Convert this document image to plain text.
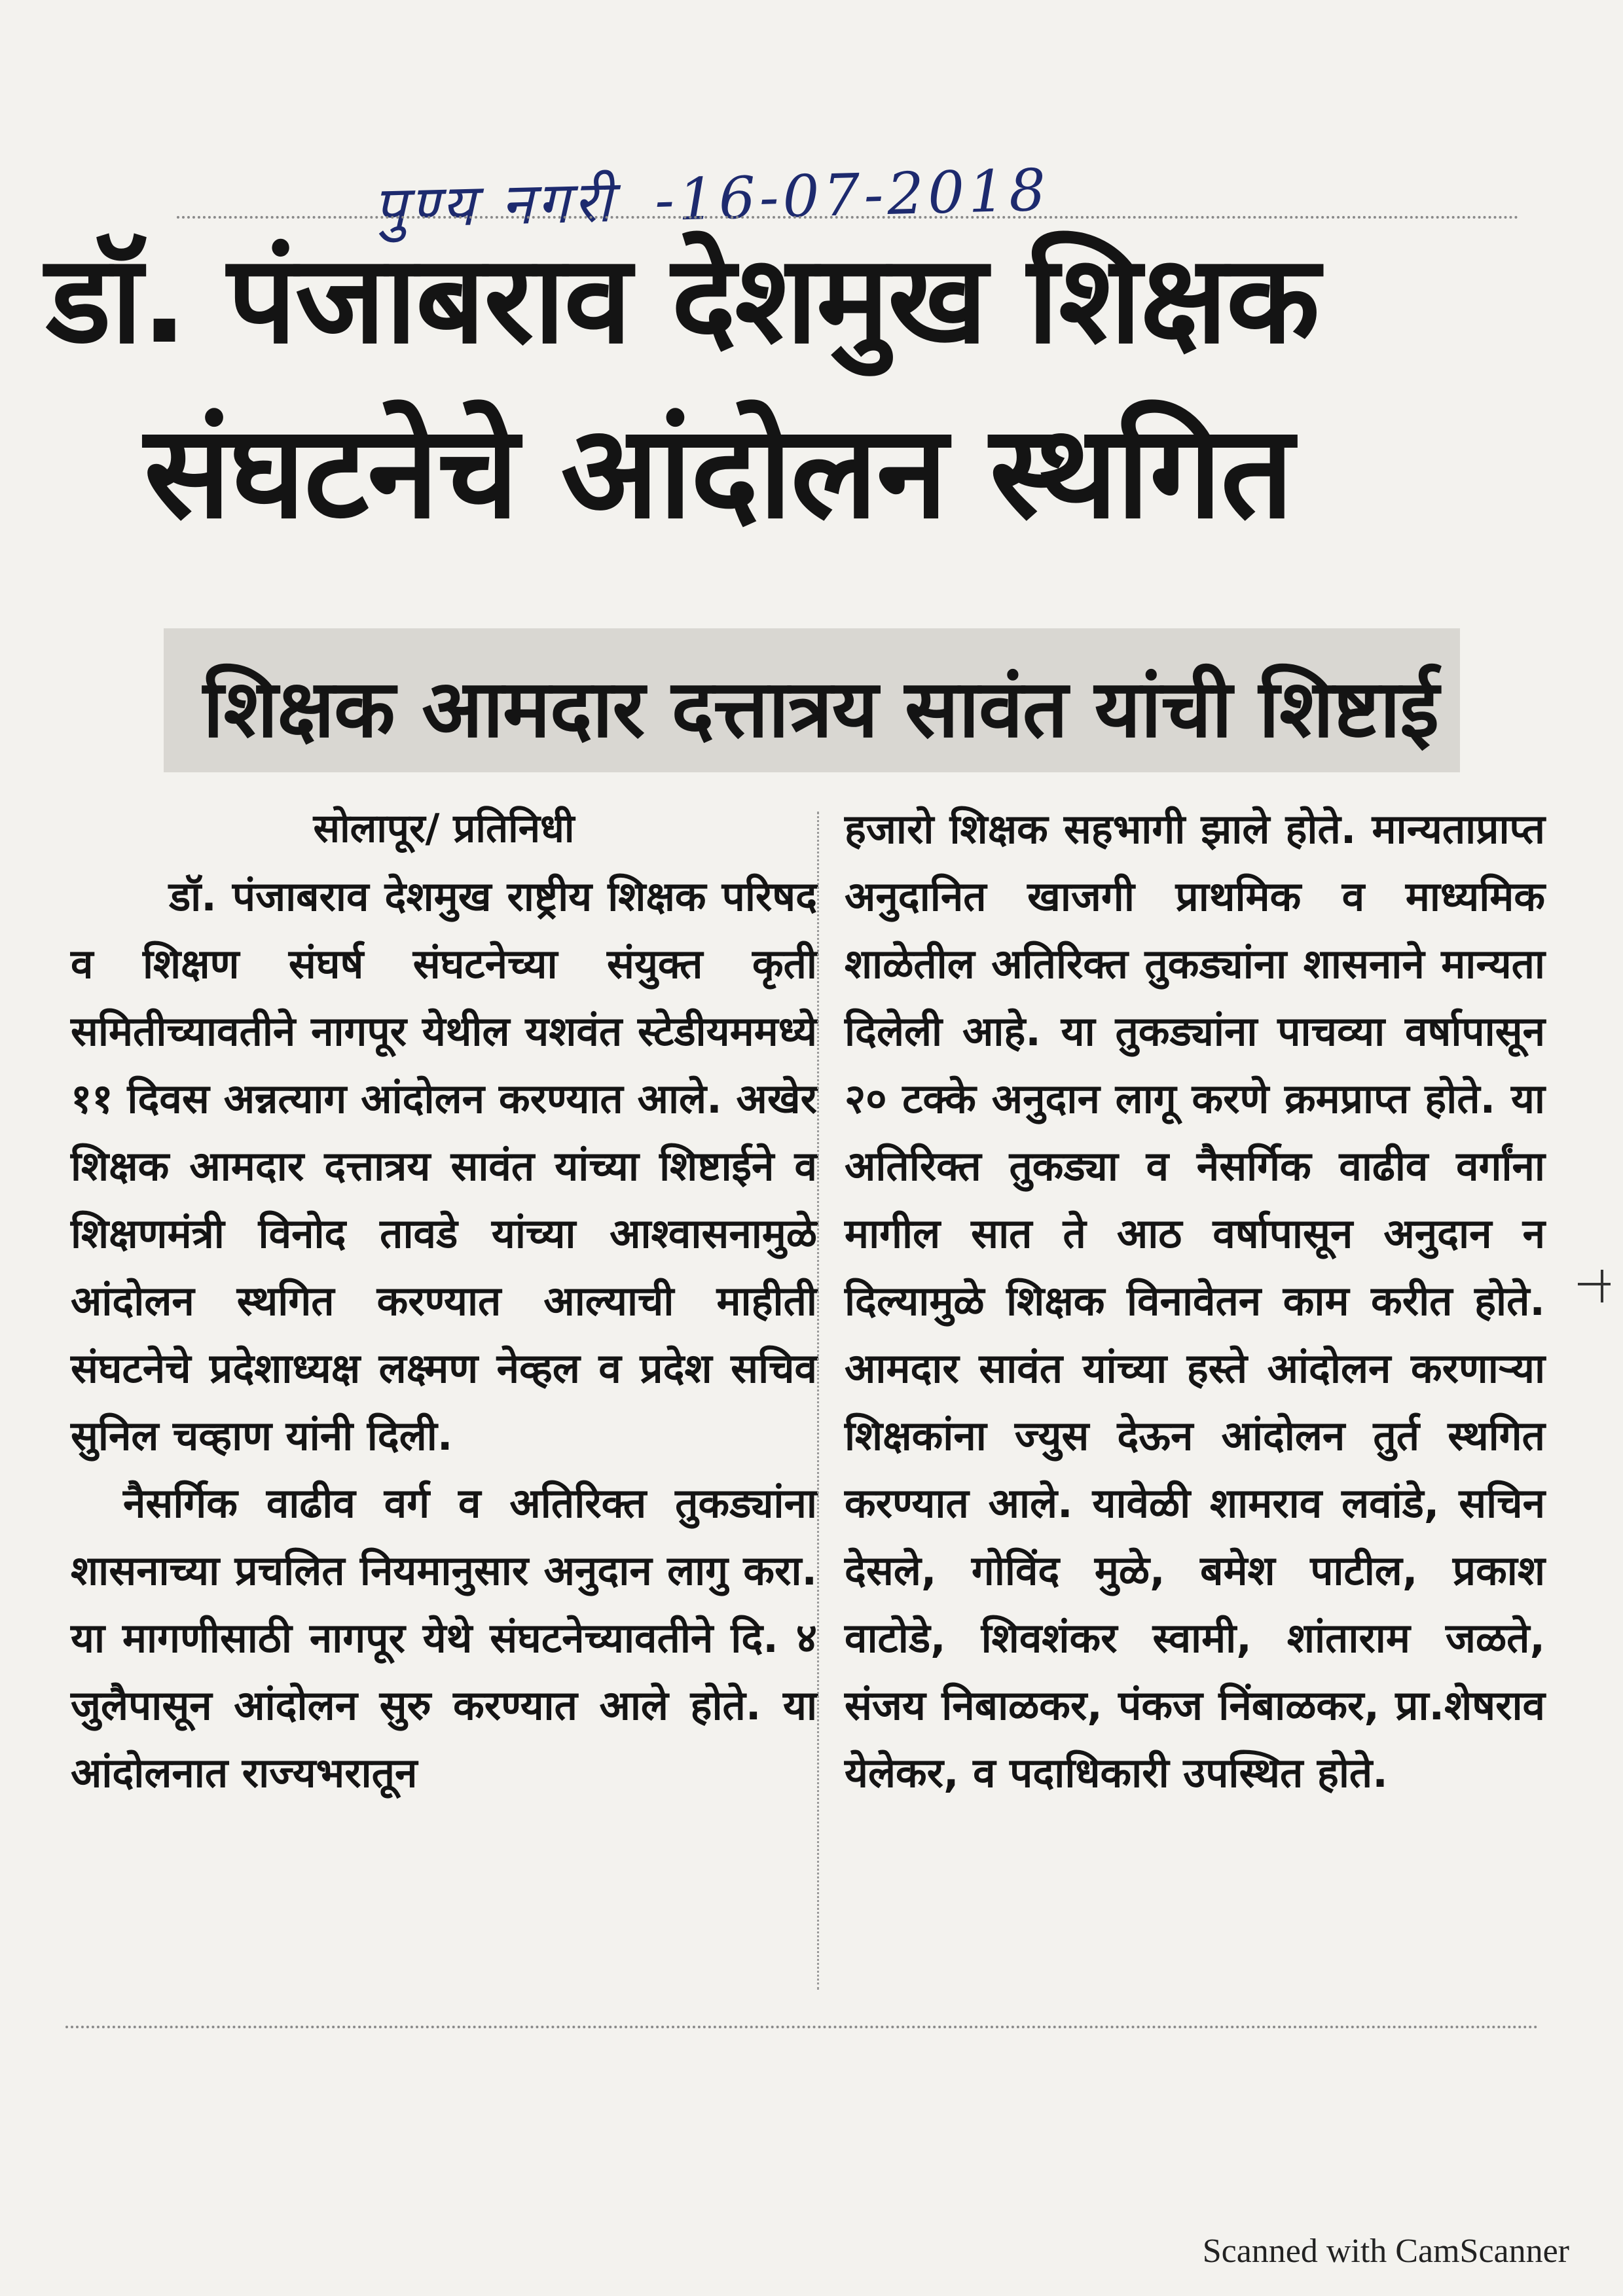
पुण्य नगरी -16-07-2018
डॉ. पंजाबराव देशमुख शिक्षक
संघटनेचे आंदोलन स्थगित
शिक्षक आमदार दत्तात्रय सावंत यांची शिष्टाई
सोलापूर/ प्रतिनिधी

डॉ. पंजाबराव देशमुख राष्ट्रीय शिक्षक परिषद व शिक्षण संघर्ष संघटनेच्या संयुक्त कृती समितीच्यावतीने नागपूर येथील यशवंत स्टेडीयममध्ये ११ दिवस अन्नत्याग आंदोलन करण्यात आले. अखेर शिक्षक आमदार दत्तात्रय सावंत यांच्या शिष्टाईने व शिक्षणमंत्री विनोद तावडे यांच्या आश्वासनामुळे आंदोलन स्थगित करण्यात आल्याची माहीती संघटनेचे प्रदेशाध्यक्ष लक्ष्मण नेव्हल व प्रदेश सचिव सुनिल चव्हाण यांनी दिली.

नैसर्गिक वाढीव वर्ग व अतिरिक्त तुकड्यांना शासनाच्या प्रचलित नियमानुसार अनुदान लागु करा. या मागणीसाठी नागपूर येथे संघटनेच्यावतीने दि. ४ जुलैपासून आंदोलन सुरु करण्यात आले होते. या आंदोलनात राज्यभरातून

हजारो शिक्षक सहभागी झाले होते. मान्यताप्राप्त अनुदानित खाजगी प्राथमिक व माध्यमिक शाळेतील अतिरिक्त तुकड्यांना शासनाने मान्यता दिलेली आहे. या तुकड्यांना पाचव्या वर्षापासून २० टक्के अनुदान लागू करणे क्रमप्राप्त होते. या अतिरिक्त तुकड्या व नैसर्गिक वाढीव वर्गांना मागील सात ते आठ वर्षापासून अनुदान न दिल्यामुळे शिक्षक विनावेतन काम करीत होते. आमदार सावंत यांच्या हस्ते आंदोलन करणाऱ्या शिक्षकांना ज्युस देऊन आंदोलन तुर्त स्थगित करण्यात आले. यावेळी शामराव लवांडे, सचिन देसले, गोविंद मुळे, बमेश पाटील, प्रकाश वाटोडे, शिवशंकर स्वामी, शांताराम जळते, संजय निबाळकर, पंकज निंबाळकर, प्रा.शेषराव येलेकर, व पदाधिकारी उपस्थित होते.

Scanned with CamScanner
